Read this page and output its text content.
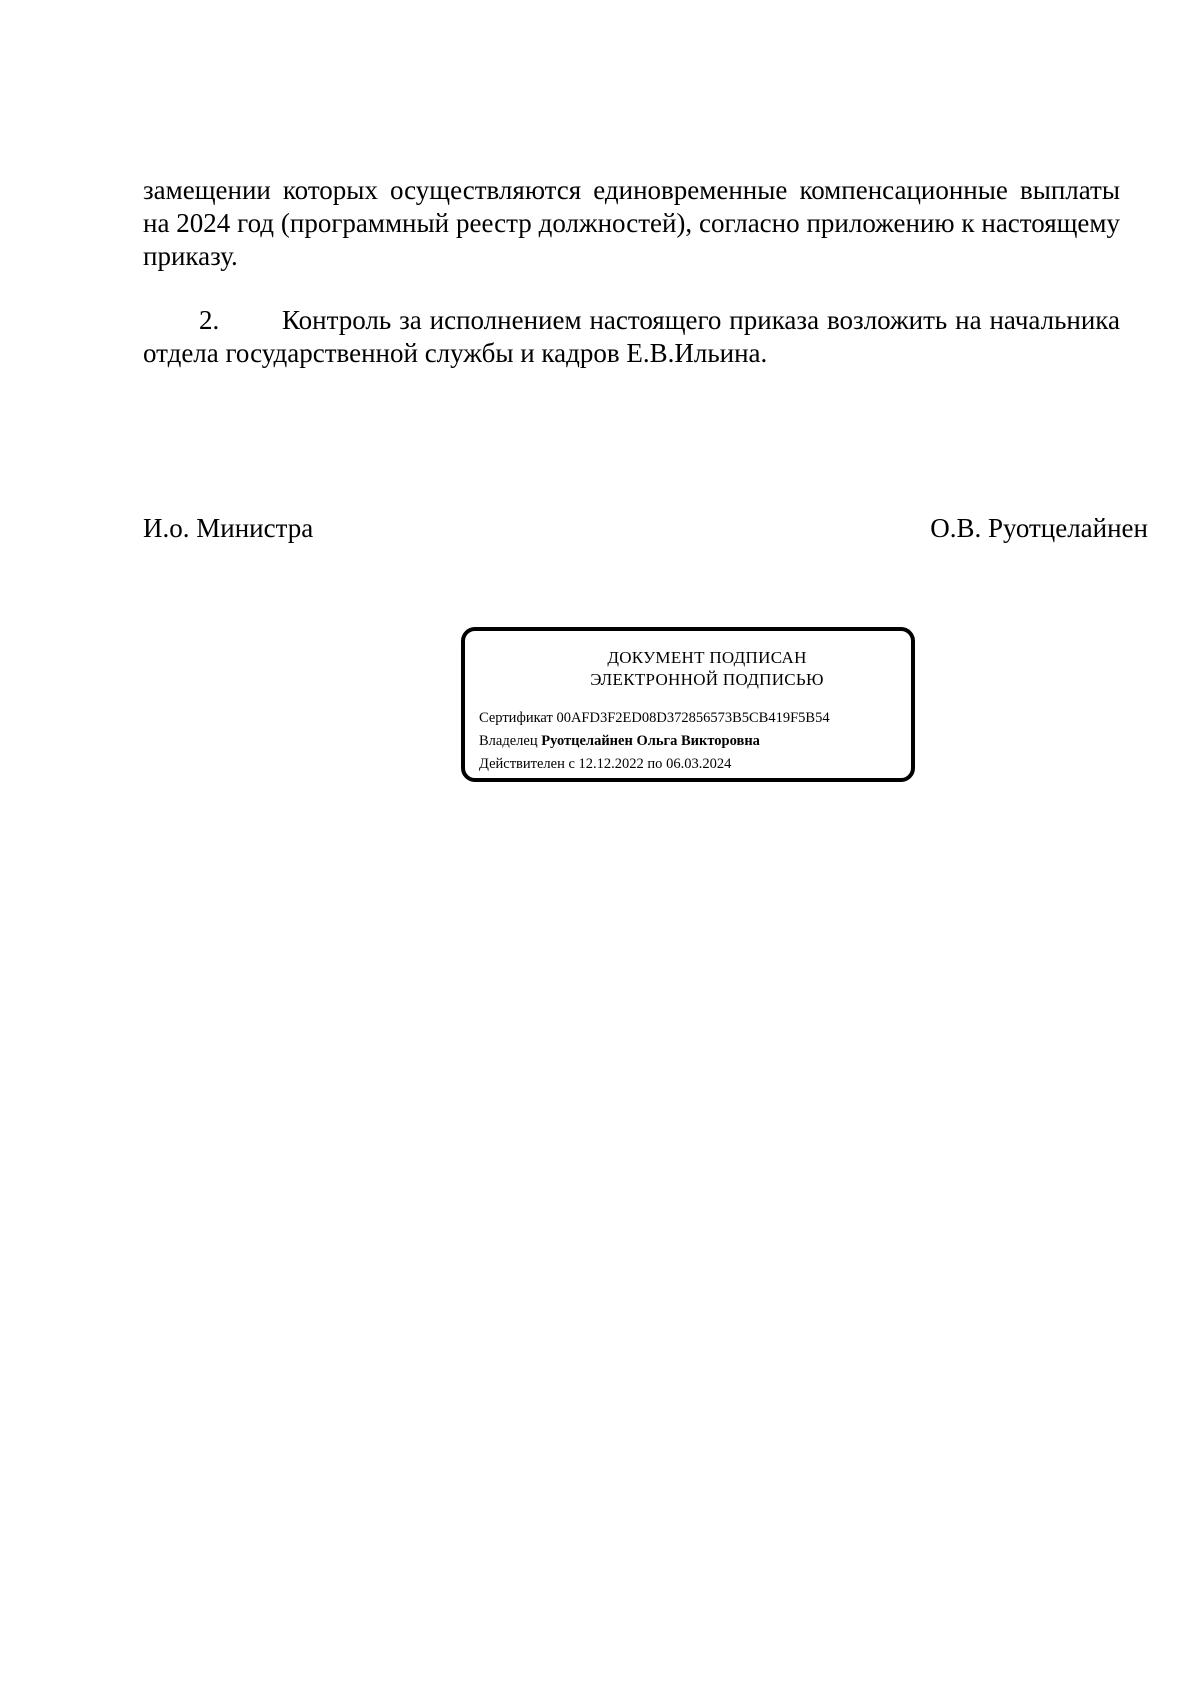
замещении которых осуществляются единовременные компенсационные выплаты на 2024 год (программный реестр должностей), согласно приложению к настоящему приказу.

2. Контроль за исполнением настоящего приказа возложить на начальника отдела государственной службы и кадров Е.В.Ильина.

И.о. Министра	О.В. Руотцелайнен
ДОКУМЕНТ ПОДПИСАН
ЭЛЕКТРОННОЙ ПОДПИСЬЮ
Сертификат 00AFD3F2ED08D372856573B5CB419F5B54
Владелец Руотцелайнен Ольга Викторовна
Действителен с 12.12.2022 по 06.03.2024
